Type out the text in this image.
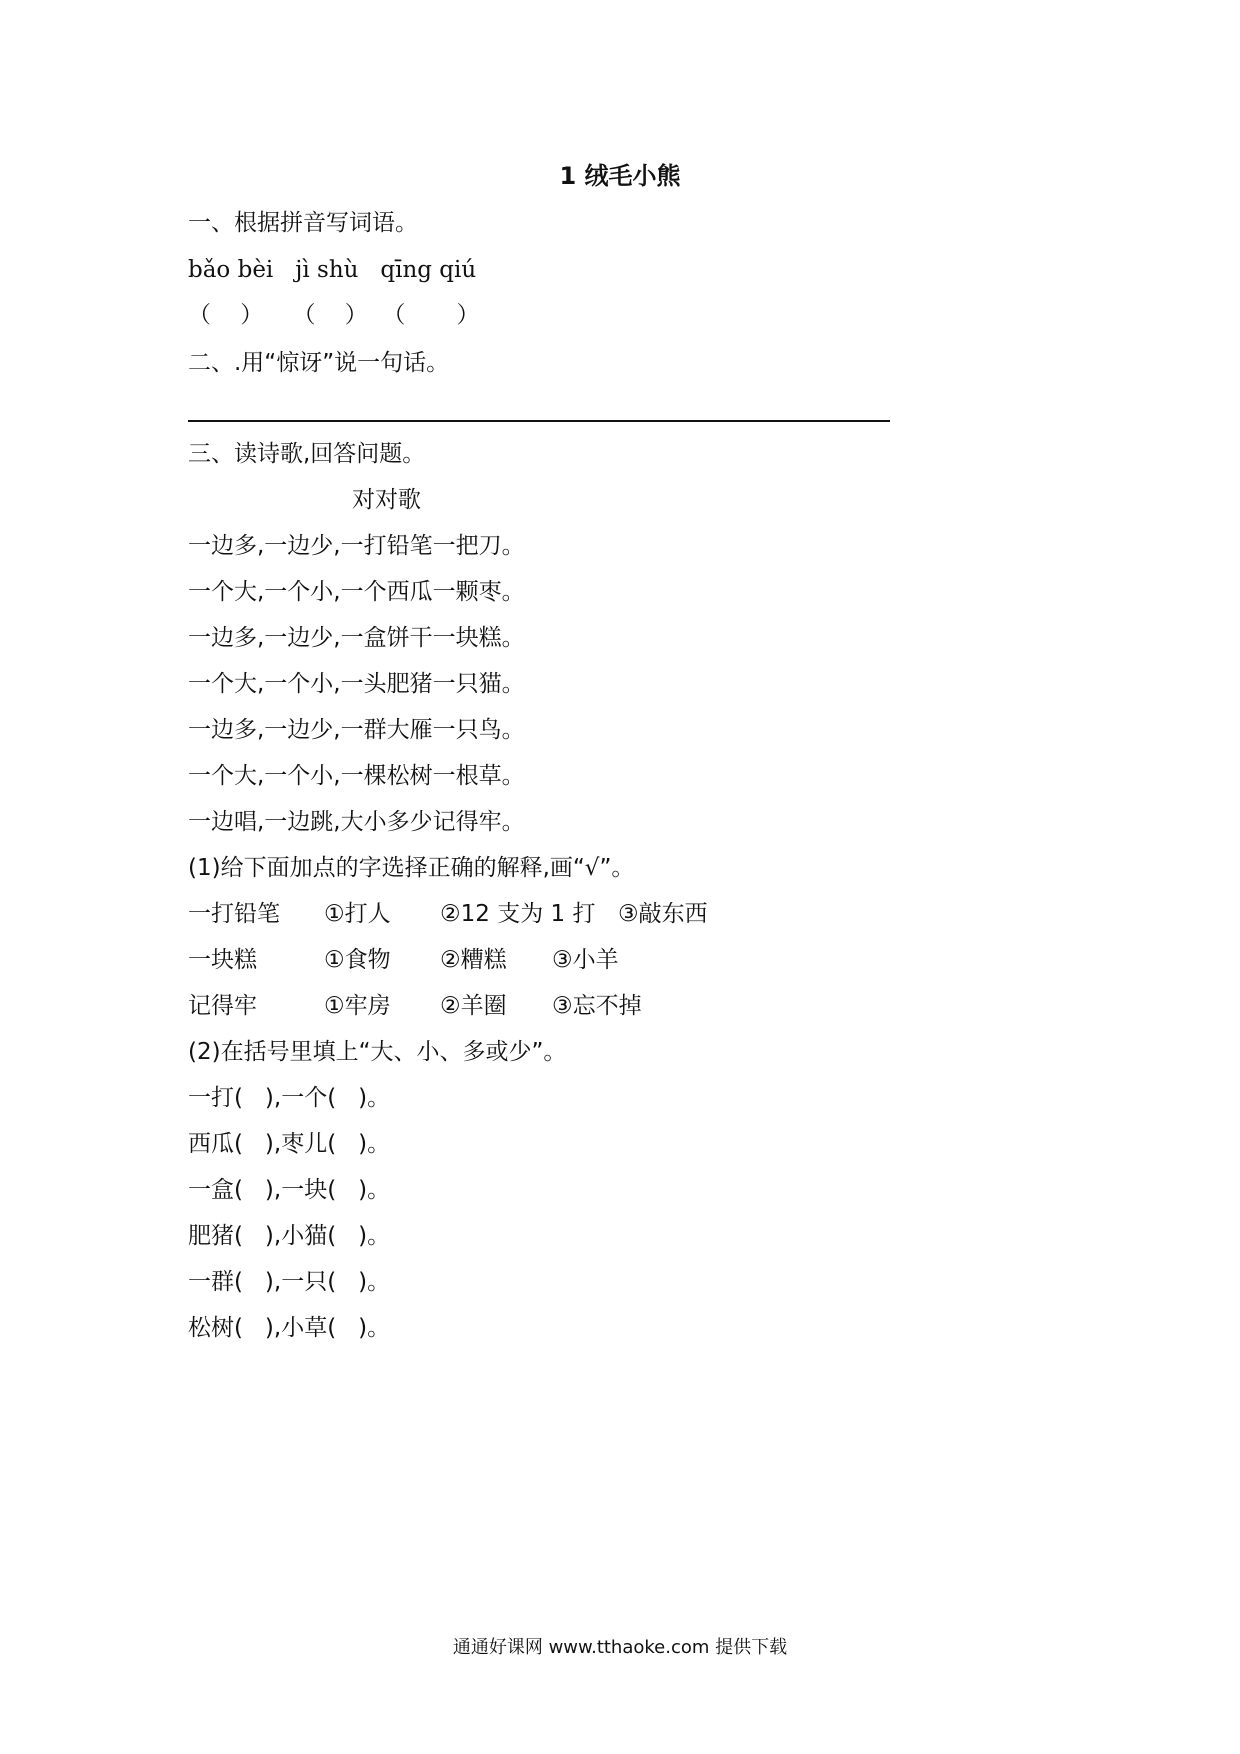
1 绒毛小熊
一、根据拼音写词语。
bǎo bèi   jì shù   qīng qiú
（    ）    （    ）  （       ）
二、.用“惊讶”说一句话。
三、读诗歌,回答问题。
对对歌
一边多,一边少,一打铅笔一把刀。
一个大,一个小,一个西瓜一颗枣。
一边多,一边少,一盒饼干一块糕。
一个大,一个小,一头肥猪一只猫。
一边多,一边少,一群大雁一只鸟。
一个大,一个小,一棵松树一根草。
一边唱,一边跳,大小多少记得牢。
(1)给下面加点的字选择正确的解释,画“√”。
一打铅笔 ①打人 ②12 支为 1 打 ③敲东西
一块糕	①食物 ②糟糕 ③小羊
记得牢	①牢房 ②羊圈 ③忘不掉
(2)在括号里填上“大、小、多或少”。
一打(   ),一个(   )。
西瓜(   ),枣儿(   )。
一盒(   ),一块(   )。
肥猪(   ),小猫(   )。
一群(   ),一只(   )。
松树(   ),小草(   )。
通通好课网 www.tthaoke.com 提供下载
